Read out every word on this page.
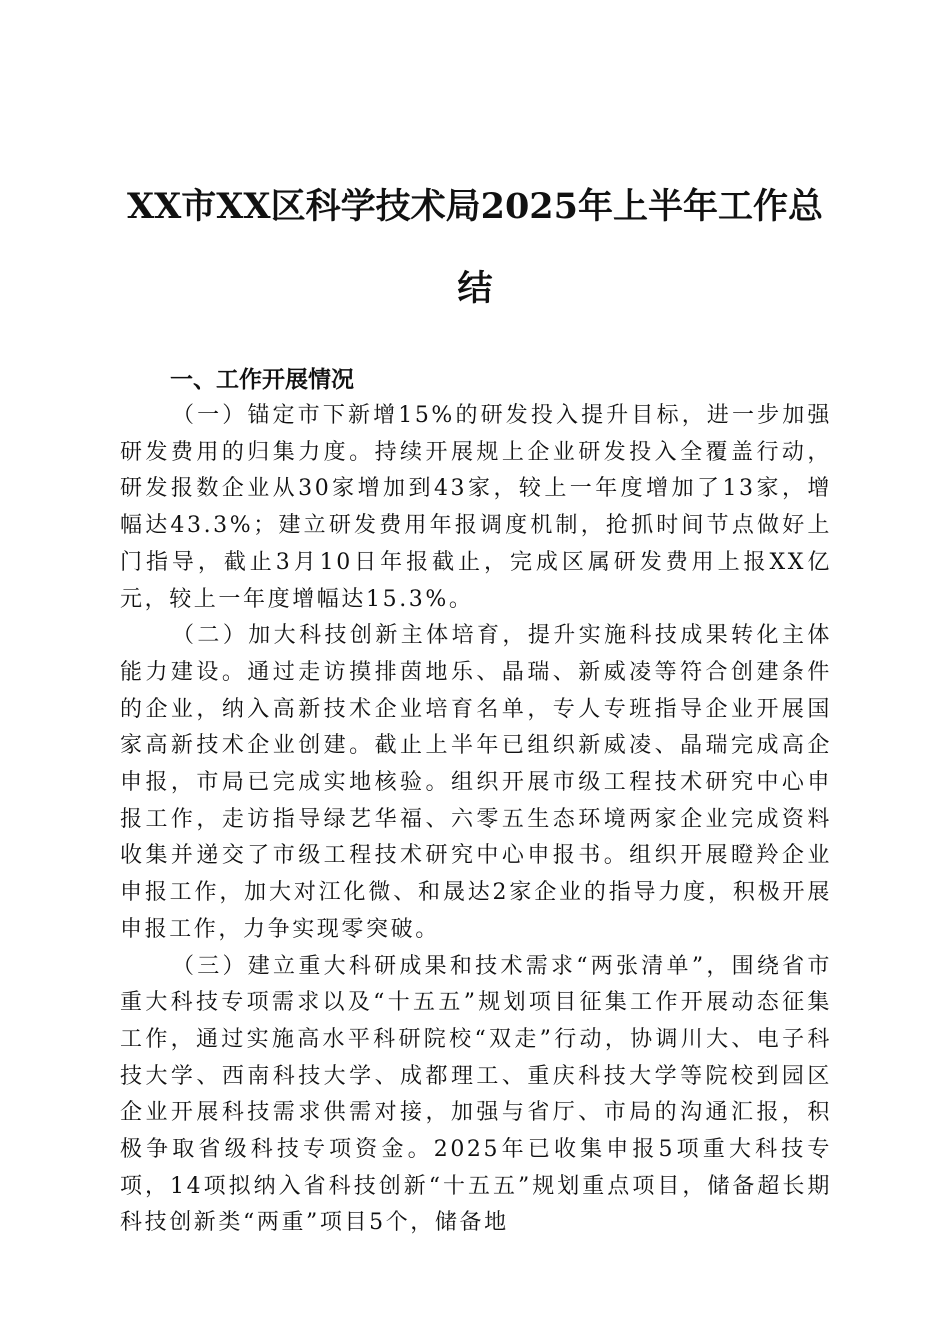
XX市XX区科学技术局2025年上半年工作总结

一、工作开展情况

（一）锚定市下新增15%的研发投入提升目标，进一步加强研发费用的归集力度。持续开展规上企业研发投入全覆盖行动，研发报数企业从30家增加到43家，较上一年度增加了13家，增幅达43.3%；建立研发费用年报调度机制，抢抓时间节点做好上门指导，截止3月10日年报截止，完成区属研发费用上报XX亿元，较上一年度增幅达15.3%。

（二）加大科技创新主体培育，提升实施科技成果转化主体能力建设。通过走访摸排茵地乐、晶瑞、新威凌等符合创建条件的企业，纳入高新技术企业培育名单，专人专班指导企业开展国家高新技术企业创建。截止上半年已组织新威凌、晶瑞完成高企申报，市局已完成实地核验。组织开展市级工程技术研究中心申报工作，走访指导绿艺华福、六零五生态环境两家企业完成资料收集并递交了市级工程技术研究中心申报书。组织开展瞪羚企业申报工作，加大对江化微、和晟达2家企业的指导力度，积极开展申报工作，力争实现零突破。

（三）建立重大科研成果和技术需求“两张清单”，围绕省市重大科技专项需求以及“十五五”规划项目征集工作开展动态征集工作，通过实施高水平科研院校“双走”行动，协调川大、电子科技大学、西南科技大学、成都理工、重庆科技大学等院校到园区企业开展科技需求供需对接，加强与省厅、市局的沟通汇报，积极争取省级科技专项资金。2025年已收集申报5项重大科技专项，14项拟纳入省科技创新“十五五”规划重点项目，储备超长期科技创新类“两重”项目5个，储备地
